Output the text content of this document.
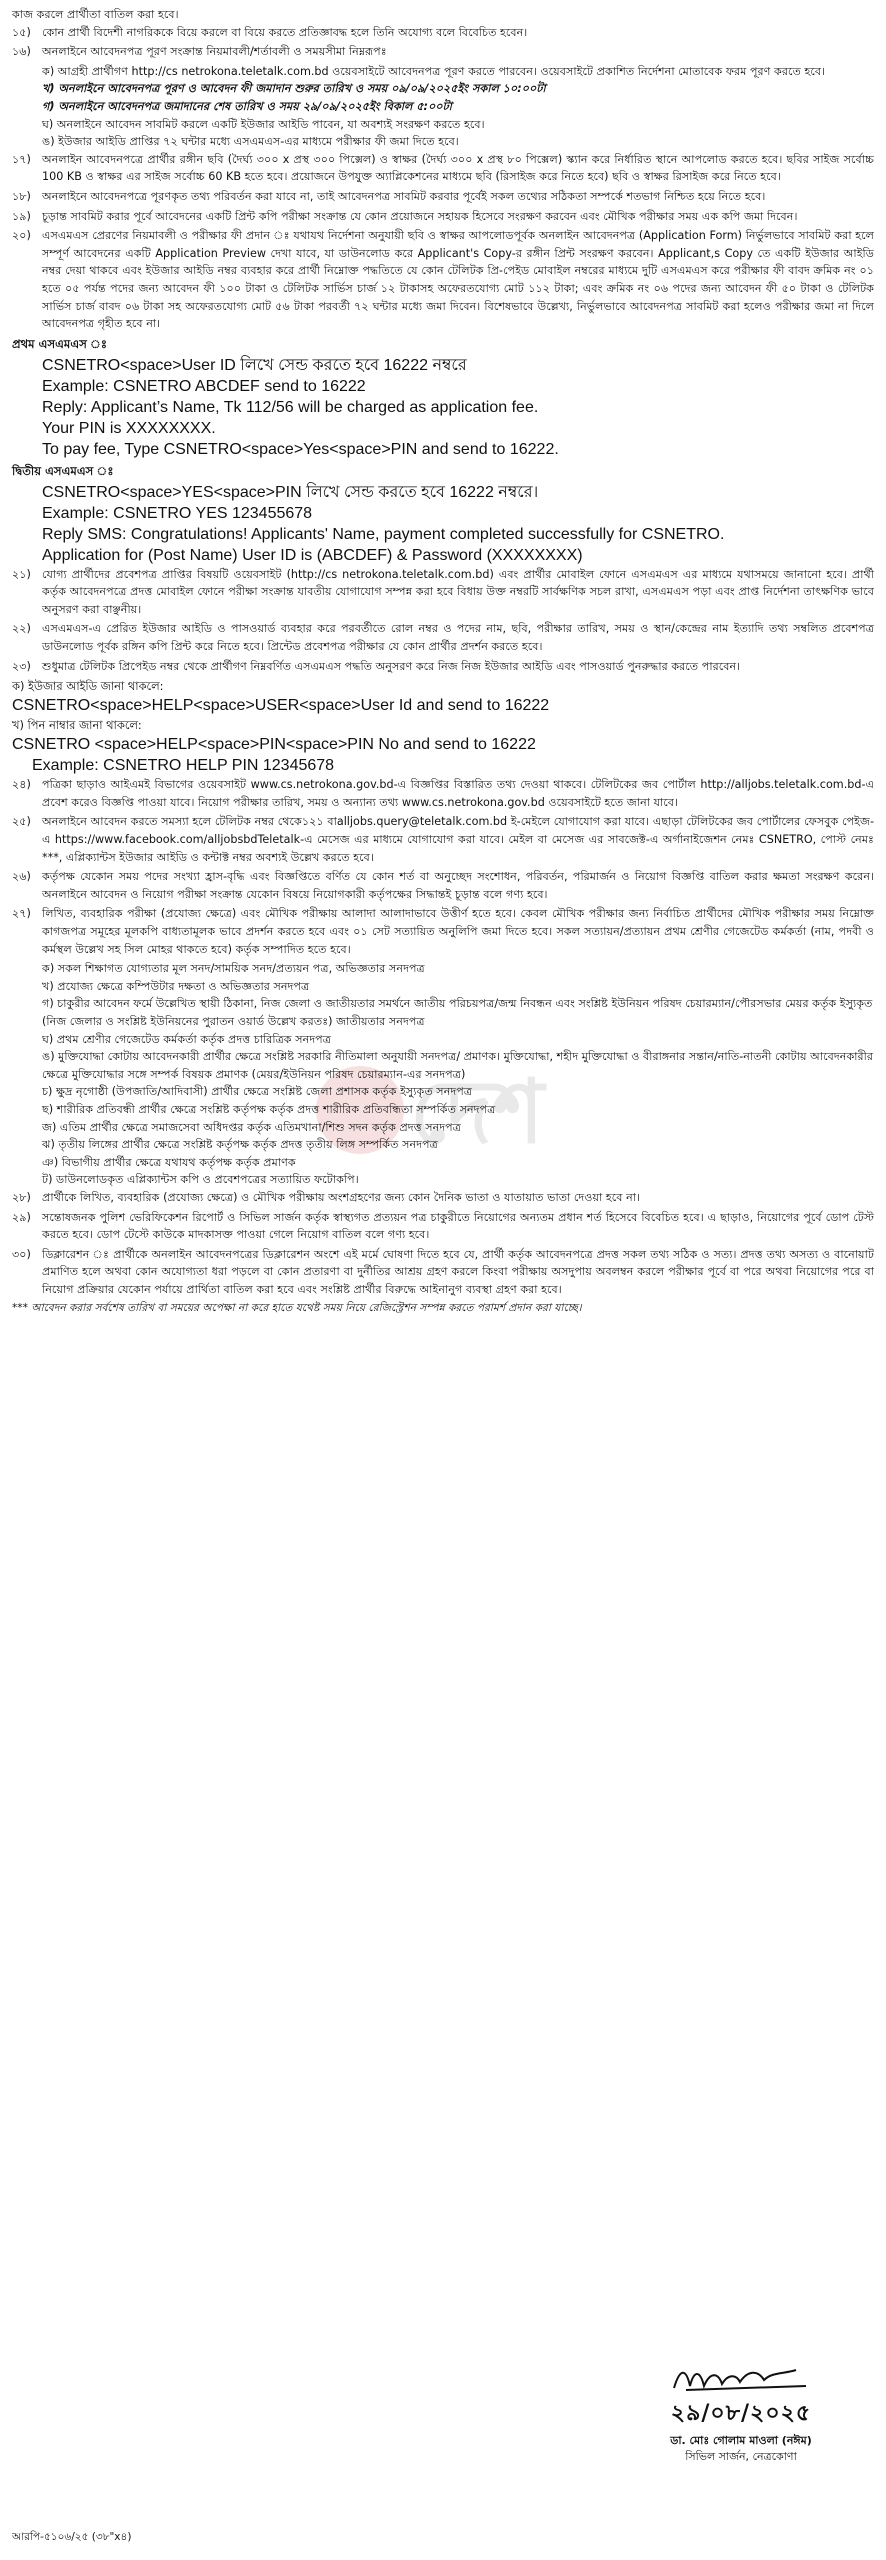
দেশ
কাজ করলে প্রার্থীতা বাতিল করা হবে।
১৫) কোন প্রার্থী বিদেশী নাগরিককে বিয়ে করলে বা বিয়ে করতে প্রতিজ্ঞাবদ্ধ হলে তিনি অযোগ্য বলে বিবেচিত হবেন।
১৬) অনলাইনে আবেদনপত্র পূরণ সংক্রান্ত নিয়মাবলী/শর্তাবলী ও সময়সীমা নিম্নরূপঃ
ক) আগ্রহী প্রার্থীগণ http://cs netrokona.teletalk.com.bd ওয়েবসাইটে আবেদনপত্র পূরণ করতে পারবেন। ওয়েবসাইটে প্রকাশিত নির্দেশনা মোতাবেক ফরম পূরণ করতে হবে।
খ) অনলাইনে আবেদনপত্র পূরণ ও আবেদন ফী জমাদান শুরুর তারিখ ও সময় ০৯/০৯/২০২৫ইং সকাল ১০:০০টা
গ) অনলাইনে আবেদনপত্র জমাদানের শেষ তারিখ ও সময় ২৯/০৯/২০২৫ইং বিকাল ৫:০০টা
ঘ) অনলাইনে আবেদন সাবমিট করলে একটি ইউজার আইডি পাবেন, যা অবশ্যই সংরক্ষণ করতে হবে।
ঙ) ইউজার আইডি প্রাপ্তির ৭২ ঘন্টার মধ্যে এসএমএস-এর মাধ্যমে পরীক্ষার ফী জমা দিতে হবে।
১৭) অনলাইন আবেদনপত্রে প্রার্থীর রঙ্গীন ছবি (দৈর্ঘ্য ৩০০ x প্রস্থ ৩০০ পিক্সেল) ও স্বাক্ষর (দৈর্ঘ্য ৩০০ x প্রস্থ ৮০ পিক্সেল) স্ক্যান করে নির্ধারিত স্থানে আপলোড করতে হবে। ছবির সাইজ সর্বোচ্চ 100 KB ও স্বাক্ষর এর সাইজ সর্বোচ্চ 60 KB হতে হবে। প্রয়োজনে উপযুক্ত অ্যাপ্লিকেশনের মাধ্যমে ছবি (রিসাইজ করে নিতে হবে) ছবি ও স্বাক্ষর রিসাইজ করে নিতে হবে।
১৮) অনলাইনে আবেদনপত্রে পূরণকৃত তথ্য পরিবর্তন করা যাবে না, তাই আবেদনপত্র সাবমিট করবার পূর্বেই সকল তথ্যের সঠিকতা সম্পর্কে শতভাগ নিশ্চিত হয়ে নিতে হবে।
১৯) চূড়ান্ত সাবমিট করার পূর্বে আবেদনের একটি প্রিন্ট কপি পরীক্ষা সংক্রান্ত যে কোন প্রয়োজনে সহায়ক হিসেবে সংরক্ষণ করবেন এবং মৌখিক পরীক্ষার সময় এক কপি জমা দিবেন।
২০) এসএমএস প্রেরণের নিয়মাবলী ও পরীক্ষার ফী প্রদান ঃ যথাযথ নির্দেশনা অনুযায়ী ছবি ও স্বাক্ষর আপলোডপূর্বক অনলাইন আবেদনপত্র (Application Form) নির্ভুলভাবে সাবমিট করা হলে সম্পূর্ণ আবেদনের একটি Application Preview দেখা যাবে, যা ডাউনলোড করে Applicant's Copy-র রঙ্গীন প্রিন্ট সংরক্ষণ করবেন। Applicant,s Copy তে একটি ইউজার আইডি নম্বর দেয়া থাকবে এবং ইউজার আইডি নম্বর ব্যবহার করে প্রার্থী নিম্নোক্ত পদ্ধতিতে যে কোন টেলিটক প্রি-পেইড মোবাইল নম্বরের মাধ্যমে দুটি এসএমএস করে পরীক্ষার ফী বাবদ ক্রমিক নং ০১ হতে ০৫ পর্যন্ত পদের জন্য আবেদন ফী ১০০ টাকা ও টেলিটক সার্ভিস চার্জ ১২ টাকাসহ অফেরতযোগ্য মোট ১১২ টাকা; এবং ক্রমিক নং ০৬ পদের জন্য আবেদন ফী ৫০ টাকা ও টেলিটক সার্ভিস চার্জ বাবদ ০৬ টাকা সহ অফেরতযোগ্য মোট ৫৬ টাকা পরবর্তী ৭২ ঘন্টার মধ্যে জমা দিবেন। বিশেষভাবে উল্লেখ্য, নির্ভুলভাবে আবেদনপত্র সাবমিট করা হলেও পরীক্ষার জমা না দিলে আবেদনপত্র গৃহীত হবে না।
প্রথম এসএমএস ঃ
CSNETRO<space>User ID লিখে সেন্ড করতে হবে 16222 নম্বরে
Example: CSNETRO ABCDEF send to 16222
Reply: Applicant’s Name, Tk 112/56 will be charged as application fee.
Your PIN is XXXXXXXX.
To pay fee, Type CSNETRO<space>Yes<space>PIN and send to 16222.
দ্বিতীয় এসএমএস ঃ
CSNETRO<space>YES<space>PIN লিখে সেন্ড করতে হবে 16222 নম্বরে।
Example: CSNETRO YES 123455678
Reply SMS: Congratulations! Applicants' Name, payment completed successfully for CSNETRO.
Application for (Post Name) User ID is (ABCDEF) & Password (XXXXXXXX)
২১) যোগ্য প্রার্থীদের প্রবেশপত্র প্রাপ্তির বিষয়টি ওয়েবসাইট (http://cs netrokona.teletalk.com.bd) এবং প্রার্থীর মোবাইল ফোনে এসএমএস এর মাধ্যমে যথাসময়ে জানানো হবে। প্রার্থী কর্তৃক আবেদনপত্রে প্রদত্ত মোবাইল ফোনে পরীক্ষা সংক্রান্ত যাবতীয় যোগাযোগ সম্পন্ন করা হবে বিধায় উক্ত নম্বরটি সার্বক্ষণিক সচল রাখা, এসএমএস পড়া এবং প্রাপ্ত নির্দেশনা তাৎক্ষণিক ভাবে অনুসরণ করা বাঞ্ছনীয়।
২২) এসএমএস-এ প্রেরিত ইউজার আইডি ও পাসওয়ার্ড ব্যবহার করে পরবর্তীতে রোল নম্বর ও পদের নাম, ছবি, পরীক্ষার তারিখ, সময় ও স্থান/কেন্দ্রের নাম ইত্যাদি তথ্য সম্বলিত প্রবেশপত্র ডাউনলোড পূর্বক রঙ্গিন কপি প্রিন্ট করে নিতে হবে। প্রিন্টেড প্রবেশপত্র পরীক্ষার যে কোন প্রার্থীর প্রদর্শন করতে হবে।
২৩) শুধুমাত্র টেলিটক প্রিপেইড নম্বর থেকে প্রার্থীগণ নিম্নবর্ণিত এসএমএস পদ্ধতি অনুসরণ করে নিজ নিজ ইউজার আইডি এবং পাসওয়ার্ড পুনরুদ্ধার করতে পারবেন।
ক) ইউজার আইডি জানা থাকলে:
CSNETRO<space>HELP<space>USER<space>User Id and send to 16222
খ) পিন নাম্বার জানা থাকলে:
CSNETRO <space>HELP<space>PIN<space>PIN No and send to 16222
Example: CSNETRO HELP PIN 12345678
২৪) পত্রিকা ছাড়াও আইএমই বিভাগের ওয়েবসাইট www.cs.netrokona.gov.bd-এ বিজ্ঞপ্তির বিস্তারিত তথ্য দেওয়া থাকবে। টেলিটকের জব পোর্টাল http://alljobs.teletalk.com.bd-এ প্রবেশ করেও বিজ্ঞপ্তি পাওয়া যাবে। নিয়োগ পরীক্ষার তারিখ, সময় ও অন্যান্য তথ্য www.cs.netrokona.gov.bd ওয়েবসাইটে হতে জানা যাবে।
২৫) অনলাইনে আবেদন করতে সমস্যা হলে টেলিটক নম্বর থেকে১২১ বাalljobs.query@teletalk.com.bd ই-মেইলে যোগাযোগ করা যাবে। এছাড়া টেলিটকের জব পোর্টালের ফেসবুক পেইজ-এ https://www.facebook.com/alljobsbdTeletalk-এ মেসেজ এর মাধ্যমে যোগাযোগ করা যাবে। মেইল বা মেসেজ এর সাবজেক্ট-এ অর্গানাইজেশন নেমঃ CSNETRO, পোস্ট নেমঃ ***, এপ্লিক্যান্টস ইউজার আইডি ও কন্টাক্ট নম্বর অবশ্যই উল্লেখ করতে হবে।
২৬) কর্তৃপক্ষ যেকোন সময় পদের সংখ্যা হ্রাস-বৃদ্ধি এবং বিজ্ঞপ্তিতে বর্ণিত যে কোন শর্ত বা অনুচ্ছেদ সংশোধন, পরিবর্তন, পরিমার্জন ও নিয়োগ বিজ্ঞপ্তি বাতিল করার ক্ষমতা সংরক্ষণ করেন। অনলাইনে আবেদন ও নিয়োগ পরীক্ষা সংক্রান্ত যেকোন বিষয়ে নিয়োগকারী কর্তৃপক্ষের সিদ্ধান্তই চূড়ান্ত বলে গণ্য হবে।
২৭) লিখিত, ব্যবহারিক পরীক্ষা (প্রযোজ্য ক্ষেত্রে) এবং মৌখিক পরীক্ষায় আলাদা আলাদাভাবে উত্তীর্ণ হতে হবে। কেবল মৌখিক পরীক্ষার জন্য নির্বাচিত প্রার্থীদের মৌখিক পরীক্ষার সময় নিম্নোক্ত কাগজপত্র সমূহের মূলকপি বাধ্যতামূলক ভাবে প্রদর্শন করতে হবে এবং ০১ সেট সত্যায়িত অনুলিপি জমা দিতে হবে। সকল সত্যায়ন/প্রত্যায়ন প্রথম শ্রেণীর গেজেটেড কর্মকর্তা (নাম, পদবী ও কর্মস্থল উল্লেখ সহ সিল মোহর থাকতে হবে) কর্তৃক সম্পাদিত হতে হবে।
ক) সকল শিক্ষাগত যোগ্যতার মূল সনদ/সাময়িক সনদ/প্রত্যয়ন পত্র, অভিজ্ঞতার সনদপত্র
খ) প্রযোজ্য ক্ষেত্রে কম্পিউটার দক্ষতা ও অভিজ্ঞতার সনদপত্র
গ) চাকুরীর আবেদন ফর্মে উল্লেখিত স্থায়ী ঠিকানা, নিজ জেলা ও জাতীয়তার সমর্থনে জাতীয় পরিচয়পত্র/জন্ম নিবন্ধন এবং সংশ্লিষ্ট ইউনিয়ন পরিষদ চেয়ারম্যান/পৌরসভার মেয়র কর্তৃক ইস্যুকৃত (নিজ জেলার ও সংশ্লিষ্ট ইউনিয়নের পুরাতন ওয়ার্ড উল্লেখ করতঃ) জাতীয়তার সনদপত্র
ঘ) প্রথম শ্রেণীর গেজেটেড কর্মকর্তা কর্তৃক প্রদত্ত চারিত্রিক সনদপত্র
ঙ) মুক্তিযোদ্ধা কোটায় আবেদনকারী প্রার্থীর ক্ষেত্রে সংশ্লিষ্ট সরকারি নীতিমালা অনুযায়ী সনদপত্র/ প্রমাণক। মুক্তিযোদ্ধা, শহীদ মুক্তিযোদ্ধা ও বীরাঙ্গনার সন্তান/নাতি-নাতনী কোটায় আবেদনকারীর ক্ষেত্রে মুক্তিযোদ্ধার সঙ্গে সম্পর্ক বিষয়ক প্রমাণক (মেয়র/ইউনিয়ন পরিষদ চেয়ারম্যান-এর সনদপত্র)
চ) ক্ষুদ্র নৃগোষ্ঠী (উপজাতি/আদিবাসী) প্রার্থীর ক্ষেত্রে সংশ্লিষ্ট জেলা প্রশাসক কর্তৃক ইস্যুকৃত সনদপত্র
ছ) শারীরিক প্রতিবন্ধী প্রার্থীর ক্ষেত্রে সংশ্লিষ্ট কর্তৃপক্ষ কর্তৃক প্রদত্ত শারীরিক প্রতিবন্ধিতা সম্পর্কিত সনদপত্র
জ) এতিম প্রার্থীর ক্ষেত্রে সমাজসেবা অধিদপ্তর কর্তৃক এতিমখানা/শিশু সদন কর্তৃক প্রদত্ত সনদপত্র
ঝ) তৃতীয় লিঙ্গের প্রার্থীর ক্ষেত্রে সংশ্লিষ্ট কর্তৃপক্ষ কর্তৃক প্রদত্ত তৃতীয় লিঙ্গ সম্পর্কিত সনদপত্র
ঞ) বিভাগীয় প্রার্থীর ক্ষেত্রে যথাযথ কর্তৃপক্ষ কর্তৃক প্রমাণক
ট) ডাউনলোডকৃত এপ্লিক্যান্টস কপি ও প্রবেশপত্রের সত্যায়িত ফটোকপি।
২৮) প্রার্থীকে লিখিত, ব্যবহারিক (প্রযোজ্য ক্ষেত্রে) ও মৌখিক পরীক্ষায় অংশগ্রহণের জন্য কোন দৈনিক ভাতা ও যাতায়াত ভাতা দেওয়া হবে না।
২৯) সন্তোষজনক পুলিশ ভেরিফিকেশন রিপোর্ট ও সিভিল সার্জন কর্তৃক স্বাস্থ্যগত প্রত্যয়ন পত্র চাকুরীতে নিয়োগের অন্যতম প্রধান শর্ত হিসেবে বিবেচিত হবে। এ ছাড়াও, নিয়োগের পূর্বে ডোপ টেস্ট করতে হবে। ডোপ টেস্টে কাউকে মাদকাসক্ত পাওয়া গেলে নিয়োগ বাতিল বলে গণ্য হবে।
৩০) ডিক্লারেশন ঃ প্রার্থীকে অনলাইন আবেদনপত্রের ডিক্লারেশন অংশে এই মর্মে ঘোষণা দিতে হবে যে, প্রার্থী কর্তৃক আবেদনপত্রে প্রদত্ত সকল তথ্য সঠিক ও সত্য। প্রদত্ত তথ্য অসত্য ও বানোয়াট প্রমাণিত হলে অথবা কোন অযোগ্যতা ধরা পড়লে বা কোন প্রতারণা বা দুর্নীতির আশ্রয় গ্রহণ করলে কিংবা পরীক্ষায় অসদুপায় অবলম্বন করলে পরীক্ষার পূর্বে বা পরে অথবা নিয়োগের পরে বা নিয়োগ প্রক্রিয়ার যেকোন পর্যায়ে প্রার্থিতা বাতিল করা হবে এবং সংশ্লিষ্ট প্রার্থীর বিরুদ্ধে আইনানুগ ব্যবস্থা গ্রহণ করা হবে।
*** আবেদন করার সর্বশেষ তারিখ বা সময়ের অপেক্ষা না করে হাতে যথেষ্ট সময় নিয়ে রেজিস্ট্রেশন সম্পন্ন করতে পরামর্শ প্রদান করা যাচ্ছে।
২৯/০৮/২০২৫
ডা. মোঃ গোলাম মাওলা (নঈম)
সিভিল সার্জন, নেত্রকোণা
আরপি-৫১০৬/২৫ (৩৮"x৪)
